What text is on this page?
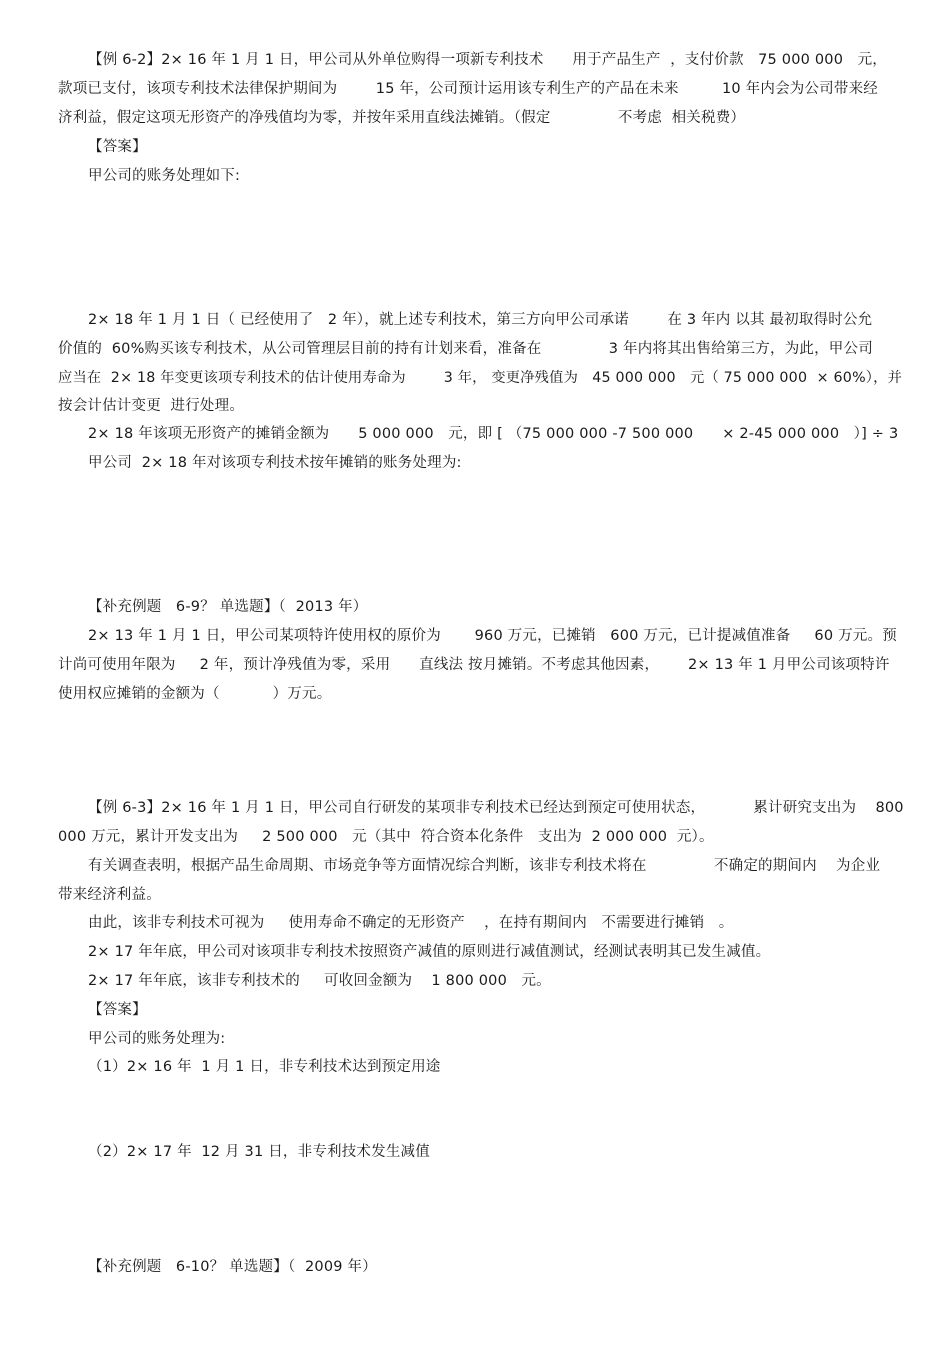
【例 6-2】2× 16 年 1 月 1 日，甲公司从外单位购得一项新专利技术      用于产品生产  ，支付价款   75 000 000   元，
款项已支付，该项专利技术法律保护期间为        15 年，公司预计运用该专利生产的产品在未来         10 年内会为公司带来经
济利益，假定这项无形资产的净残值均为零，并按年采用直线法摊销。（假定              不考虑  相关税费）
【答案】
甲公司的账务处理如下:
2× 18 年 1 月 1 日（ 已经使用了   2 年），就上述专利技术，第三方向甲公司承诺        在 3 年内 以其 最初取得时公允
价值的  60%购买该专利技术，从公司管理层目前的持有计划来看，准备在              3 年内将其出售给第三方，为此，甲公司
应当在  2× 18 年变更该项专利技术的估计使用寿命为        3 年， 变更净残值为   45 000 000   元（ 75 000 000  × 60%），并
按会计估计变更  进行处理。
2× 18 年该项无形资产的摊销金额为      5 000 000   元，即 [ （75 000 000 -7 500 000      × 2-45 000 000   ）] ÷ 3
甲公司  2× 18 年对该项专利技术按年摊销的账务处理为:
【补充例题   6-9？ 单选题】（  2013 年）
2× 13 年 1 月 1 日，甲公司某项特许使用权的原价为       960 万元，已摊销   600 万元，已计提减值准备     60 万元。预
计尚可使用年限为     2 年，预计净残值为零，采用      直线法 按月摊销。不考虑其他因素，      2× 13 年 1 月甲公司该项特许
使用权应摊销的金额为（           ）万元。
【例 6-3】2× 16 年 1 月 1 日，甲公司自行研发的某项非专利技术已经达到预定可使用状态，          累计研究支出为    800
000 万元，累计开发支出为     2 500 000   元（其中  符合资本化条件   支出为  2 000 000  元）。
有关调查表明，根据产品生命周期、市场竞争等方面情况综合判断，该非专利技术将在              不确定的期间内    为企业
带来经济利益。
由此，该非专利技术可视为     使用寿命不确定的无形资产    ，在持有期间内   不需要进行摊销   。
2× 17 年年底，甲公司对该项非专利技术按照资产减值的原则进行减值测试，经测试表明其已发生减值。
2× 17 年年底，该非专利技术的     可收回金额为    1 800 000   元。
【答案】
甲公司的账务处理为:
（1）2× 16 年  1 月 1 日，非专利技术达到预定用途
（2）2× 17 年  12 月 31 日，非专利技术发生减值
【补充例题   6-10？ 单选题】（  2009 年）
